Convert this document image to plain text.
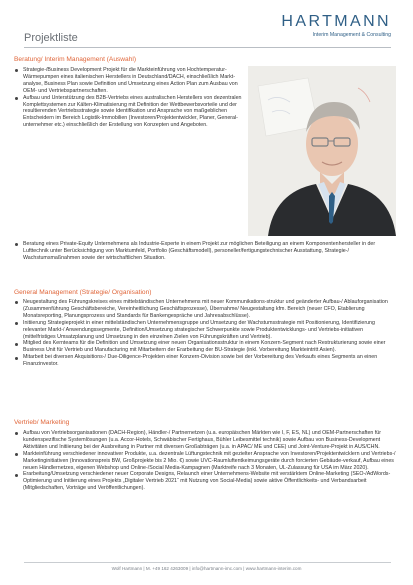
Projektliste
HARTMANN
Interim Management & Consulting
Beratung/ Interim Management (Auswahl)
Strategie-/Business Development Projekt für die Markteinführung von Hochtemperatur-Wärmepumpen eines italienischen Herstellers in Deutschland/DACH, einschließlich Markt-analyse, Business Plan sowie Definition und Umsetzung eines Action Plan zum Ausbau von OEM- und Vertriebspartnerschaften.
Aufbau und Unterstützung des B2B-Vertriebs eines australischen Herstellers von dezentralen Komplettsystemen zur Kälten-Klimatisierung mit Definition der Wettbewerbsvorteile und der resultierenden Vertriebsstrategie sowie Identifikation und Ansprache von maßgeblichen Entscheidern im Bereich Logistik-Immobilien (Investoren/Projektentwickler, Planer, General-unternehmer etc.) einschließlich der Erstellung von Konzepten und Angeboten.
Beratung eines Private-Equity Unternehmens als Industrie-Experte in einem Projekt zur möglichen Beteiligung an einem Komponentenhersteller in der Lufttechnik unter Berücksichtigung von Marktumfeld, Portfolio (Geschäftsmodell), personeller/fertigungstechnischer Ausstattung, Strategie-/ Wachstumsmaßnahmen sowie der wirtschaftlichen Situation.
General Management (Strategie/ Organisation)
Neugestaltung des Führungskreises eines mittelständischen Unternehmens mit neuer Kommunikations-struktur und geänderter Aufbau-/ Ablauforganisation (Zusammenführung Geschäftsbereiche, Vereinheitlichung Geschäftsprozesse), Übernahme/ Neugestaltung kfm. Bereich (neuer CFO, Etablierung Monatsreporting, Planungsprozess und Standards für Bankengespräche und Jahresabschlüsse).
Initiierung Strategieprojekt in einer mittelständischen Unternehmensgruppe und Umsetzung der Wachstumsstrategie mit Positionierung, Identifizierung relevanter Markt-/ Anwendungssegmente, Definition/Umsetzung strategischer Schwerpunkte sowie Produktentwicklungs- und Vertriebs-initiativen (mittelfristiges Umsatzplanung und Umsetzung in den einzelnen Zielen von Führungskräften und Vertrieb).
Mitglied des Kernteams für die Definition und Umsetzung einer neuen Organisationsstruktur in einem Konzern-Segment nach Restrukturierung sowie einer Business Unit für Vertrieb und Manufacturing mit Mitarbeitern der Erarbeitung der BU-Strategie (inkl. Vorbereitung Markteintritt Asien).
Mitarbeit bei diversen Akquisitions-/ Due-Diligence-Projekten einer Konzern-Division sowie bei der Vorbereitung des Verkaufs eines Segments an einen Finanzinvestor.
Vertrieb/ Marketing
Aufbau von Vertriebsorganisationen (DACH-Region), Händler-/ Partnernetzen (u.a. europäischen Märkten wie I, F, ES, NL) und OEM-Partnerschaften für kundenspezifische Systemlösungen (u.a. Accor-Hotels, Schwäbischer Fertighaus, Bühler Leibesmittel technik) sowie Aufbau von Business-Development Aktivitäten und Initiierung bei der Ausbreitung in Partner mit diversen Großabträgen (u.a. in APAC/ ME und CEE) und Joint-Venture-Projekt in AUS/CHN.
Markteinführung verschiedener innovativer Produkte, u.a. dezentrale Lüftungstechnik mit gezielter Ansprache von Investoren/Projektentwicklern und Vertriebs-/ Marketinginitiativen (Innovationspreis BW, Großprojekte bis 2 Mio. €) sowie UVC-Raumluftentkeimungsgeräte durch forcierten Gebäude-verkauf, Aufbau eines neuen Händlernetzes, eigenen Webshop und Online-/Social Media-Kampagnen (Marktreife nach 3 Monaten, UL-Zulassung für USA im März 2020).
Erarbeitung/Umsetzung verschiedener neuer Corporate Designs, Relaunch einer Unternehmens-Website mit verstärktem Online-Marketing (SEO-/AdWords-Optimierung und Initiierung eines Projekts „Digitaler Vertrieb 2021“ mit Nutzung von Social-Media) sowie aktive Öffentlichkeits- und Verbandsarbeit (Mitgliedschaften, Vorträge und Veröffentlichungen).
Wolf Hartmann | M. +49 162 4263009 | info@hartmann-imc.com | www.hartmann-interim.com
